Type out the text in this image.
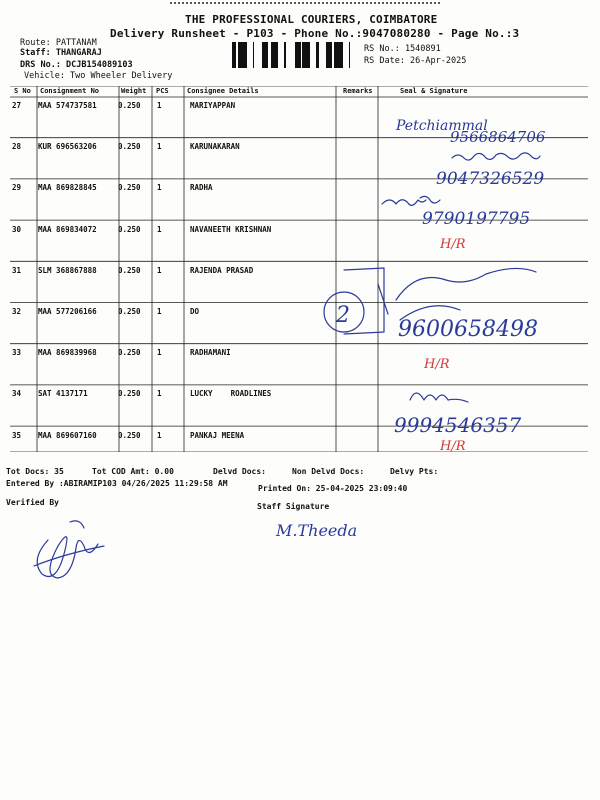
THE PROFESSIONAL COURIERS, COIMBATORE
Delivery Runsheet - P103 - Phone No.:9047080280 - Page No.:3
Route: PATTANAM
Staff: THANGARAJ
DRS No.: DCJB154089103
Vehicle: Two Wheeler Delivery
RS No.: 1540891
RS Date: 26-Apr-2025
S No Consignment No	Weight PCS	Consignee Details	Remarks	Seal & Signature
27 MAA 574737581	0.250 1	MARIYAPPAN
28 KUR 696563206	0.250 1	KARUNAKARAN
29 MAA 869828845	0.250 1	RADHA
30 MAA 869834072	0.250 1	NAVANEETH KRISHNAN
31 SLM 368867888	0.250 1	RAJENDA PRASAD
32 MAA 577206166	0.250 1	DO
33 MAA 869839968	0.250 1	RADHAMANI
34 SAT 4137171	0.250 1	LUCKY    ROADLINES
35 MAA 869607160	0.250 1	PANKAJ MEENA
Petchiammal
9566864706
9047326529
9790197795
H/R
2
9600658498
H/R
9994546357
H/R
M.Theeda
Tot Docs: 35	Tot COD Amt: 0.00	Delvd Docs:	Non Delvd Docs:	Delvy Pts:
Entered By :ABIRAMIP103 04/26/2025 11:29:58 AM
Printed On: 25-04-2025 23:09:40
Verified By	Staff Signature
